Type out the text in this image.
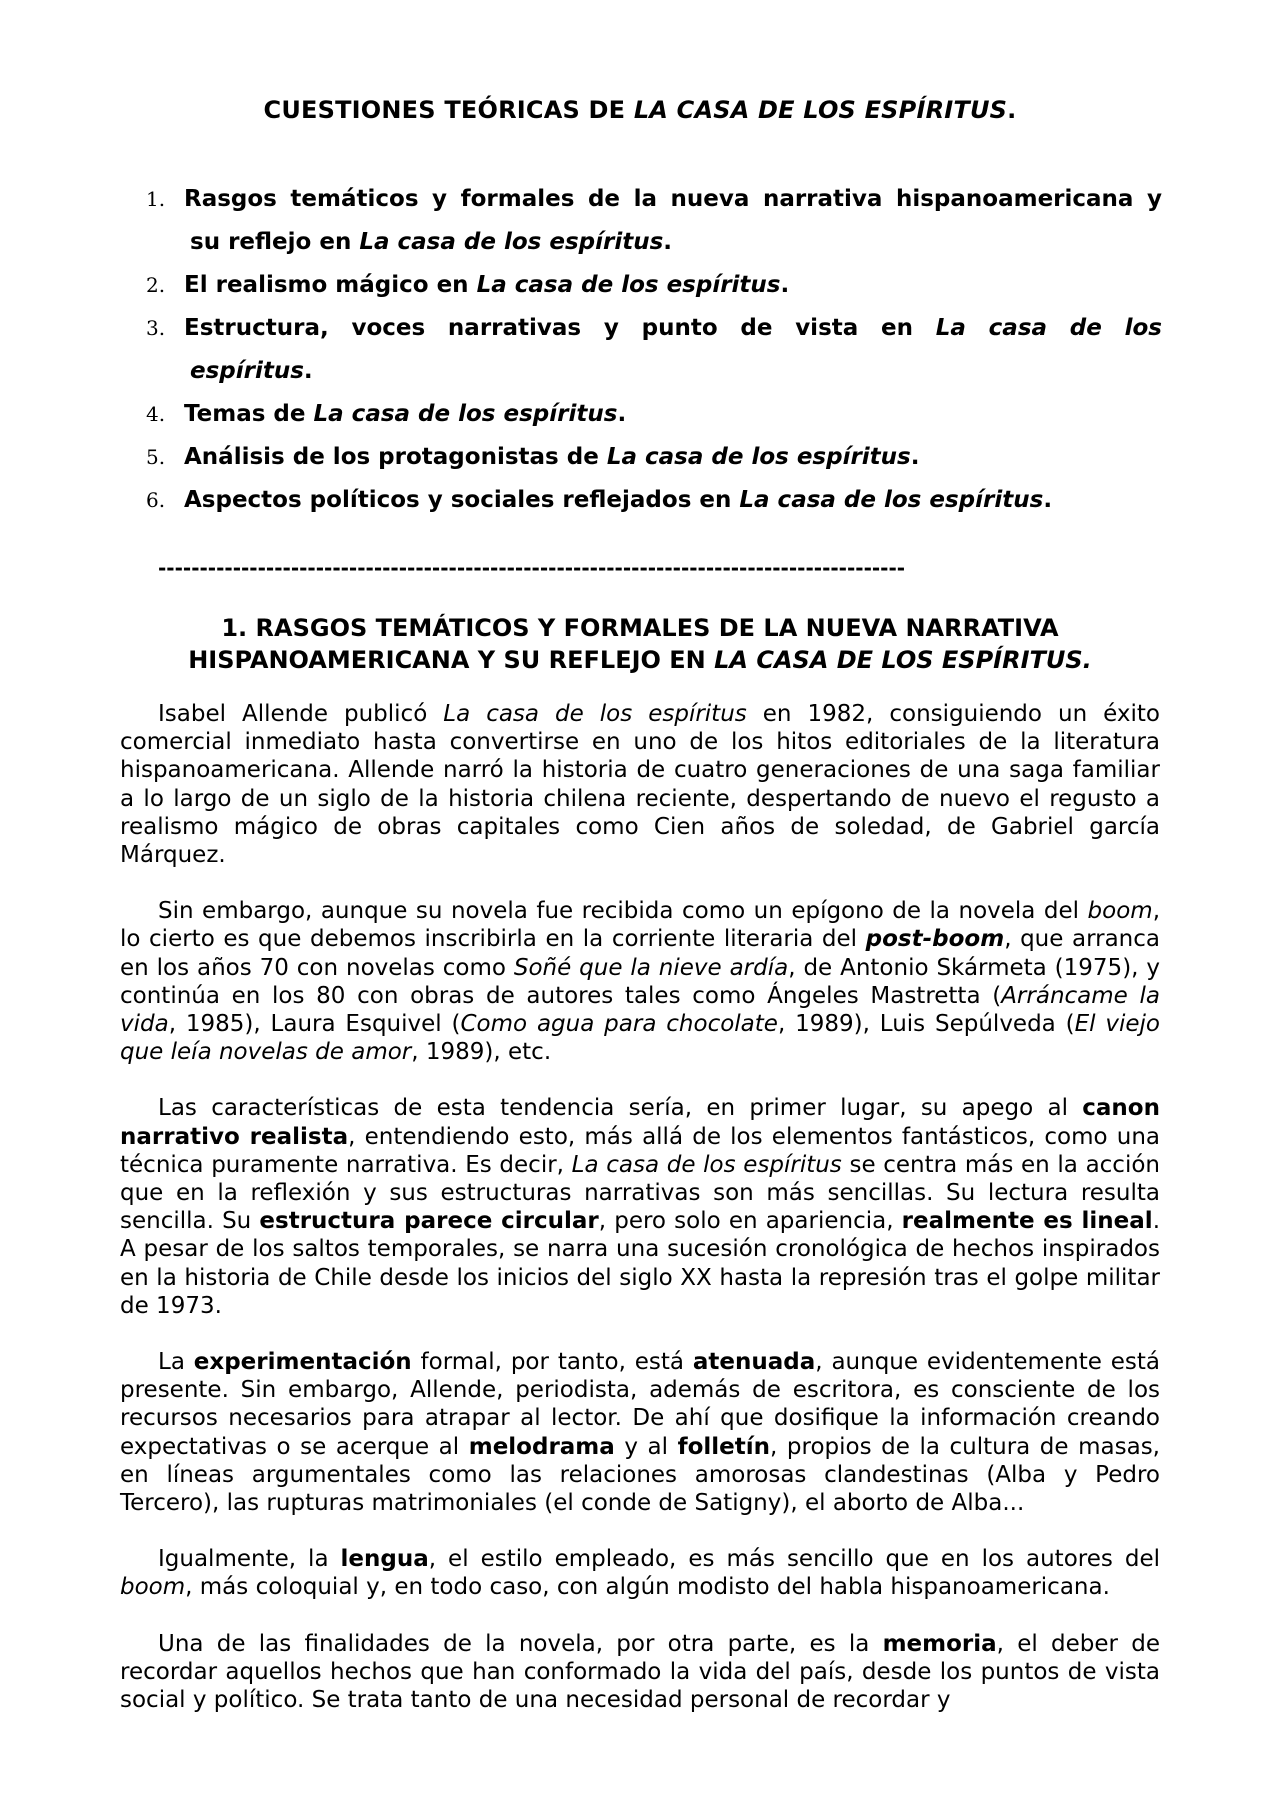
CUESTIONES TEÓRICAS DE LA CASA DE LOS ESPÍRITUS.
1. Rasgos temáticos y formales de la nueva narrativa hispanoamericana y
su reflejo en La casa de los espíritus.
2. El realismo mágico en La casa de los espíritus.
3. Estructura, voces narrativas y punto de vista en La casa de los
espíritus.
4. Temas de La casa de los espíritus.
5. Análisis de los protagonistas de La casa de los espíritus.
6. Aspectos políticos y sociales reflejados en La casa de los espíritus.
------------------------------------------------------------------------------------------
1. RASGOS TEMÁTICOS Y FORMALES DE LA NUEVA NARRATIVA
HISPANOAMERICANA Y SU REFLEJO EN LA CASA DE LOS ESPÍRITUS.

Isabel Allende publicó La casa de los espíritus en 1982, consiguiendo un éxito comercial inmediato hasta convertirse en uno de los hitos editoriales de la literatura hispanoamericana. Allende narró la historia de cuatro generaciones de una saga familiar a lo largo de un siglo de la historia chilena reciente, despertando de nuevo el regusto a realismo mágico de obras capitales como Cien años de soledad, de Gabriel garcía Márquez.

Sin embargo, aunque su novela fue recibida como un epígono de la novela del boom, lo cierto es que debemos inscribirla en la corriente literaria del post-boom, que arranca en los años 70 con novelas como Soñé que la nieve ardía, de Antonio Skármeta (1975), y continúa en los 80 con obras de autores tales como Ángeles Mastretta (Arráncame la vida, 1985), Laura Esquivel (Como agua para chocolate, 1989), Luis Sepúlveda (El viejo que leía novelas de amor, 1989), etc.

Las características de esta tendencia sería, en primer lugar, su apego al canon narrativo realista, entendiendo esto, más allá de los elementos fantásticos, como una técnica puramente narrativa. Es decir, La casa de los espíritus se centra más en la acción que en la reflexión y sus estructuras narrativas son más sencillas. Su lectura resulta sencilla. Su estructura parece circular, pero solo en apariencia, realmente es lineal. A pesar de los saltos temporales, se narra una sucesión cronológica de hechos inspirados en la historia de Chile desde los inicios del siglo XX hasta la represión tras el golpe militar de 1973.

La experimentación formal, por tanto, está atenuada, aunque evidentemente está presente. Sin embargo, Allende, periodista, además de escritora, es consciente de los recursos necesarios para atrapar al lector. De ahí que dosifique la información creando expectativas o se acerque al melodrama y al folletín, propios de la cultura de masas, en líneas argumentales como las relaciones amorosas clandestinas (Alba y Pedro Tercero), las rupturas matrimoniales (el conde de Satigny), el aborto de Alba...

Igualmente, la lengua, el estilo empleado, es más sencillo que en los autores del boom, más coloquial y, en todo caso, con algún modisto del habla hispanoamericana.

Una de las finalidades de la novela, por otra parte, es la memoria, el deber de recordar aquellos hechos que han conformado la vida del país, desde los puntos de vista social y político. Se trata tanto de una necesidad personal de recordar y
